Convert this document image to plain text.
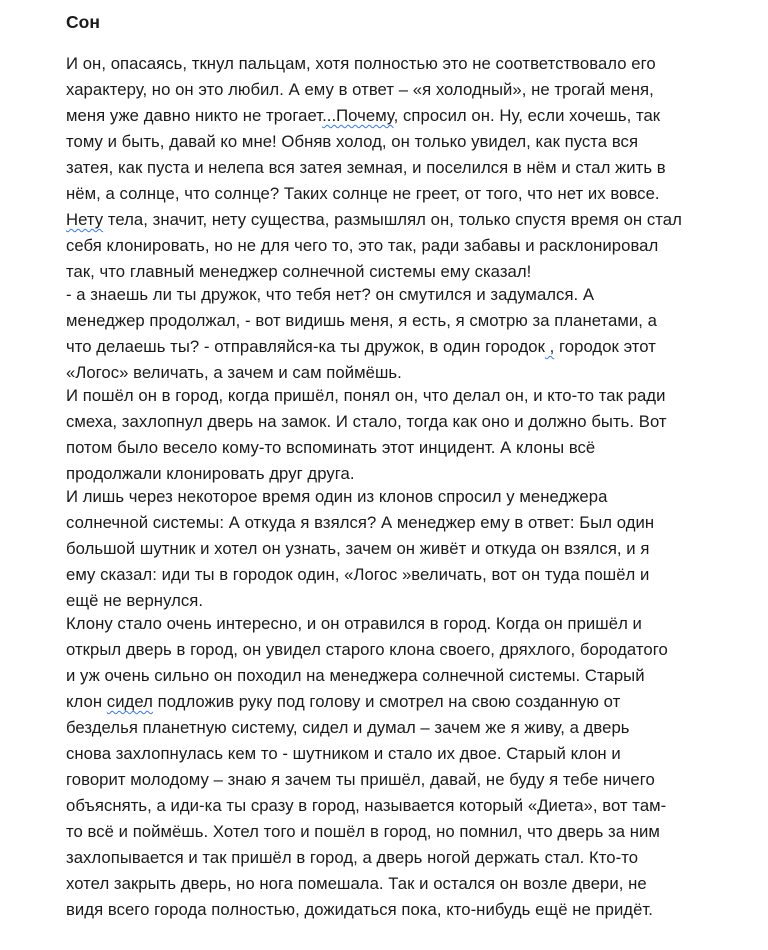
Сон
И он, опасаясь, ткнул пальцам, хотя полностью это не соответствовало его
характеру, но он это любил. А ему в ответ – «я холодный», не трогай меня,
меня уже давно никто не трогает...Почему, спросил он. Ну, если хочешь, так
тому и быть, давай ко мне! Обняв холод, он только увидел, как пуста вся
затея, как пуста и нелепа вся затея земная, и поселился в нём и стал жить в
нём, а солнце, что солнце? Таких солнце не греет, от того, что нет их вовсе.
Нету тела, значит, нету существа, размышлял он, только спустя время он стал
себя клонировать, но не для чего то, это так, ради забавы и расклонировал
так, что главный менеджер солнечной системы ему сказал!
- а знаешь ли ты дружок, что тебя нет? он смутился и задумался. А
менеджер продолжал, - вот видишь меня, я есть, я смотрю за планетами, а
что делаешь ты? - отправляйся-ка ты дружок, в один городок , городок этот
«Логос» величать, а зачем и сам поймёшь.
И пошёл он в город, когда пришёл, понял он, что делал он, и кто-то так ради
смеха, захлопнул дверь на замок. И стало, тогда как оно и должно быть. Вот
потом было весело кому-то вспоминать этот инцидент. А клоны всё
продолжали клонировать друг друга.
И лишь через некоторое время один из клонов спросил у менеджера
солнечной системы: А откуда я взялся? А менеджер ему в ответ: Был один
большой шутник и хотел он узнать, зачем он живёт и откуда он взялся, и я
ему сказал: иди ты в городок один, «Логос »величать, вот он туда пошёл и
ещё не вернулся.
Клону стало очень интересно, и он отравился в город. Когда он пришёл и
открыл дверь в город, он увидел старого клона своего, дряхлого, бородатого
и уж очень сильно он походил на менеджера солнечной системы. Старый
клон сидел подложив руку под голову и смотрел на свою созданную от
безделья планетную систему, сидел и думал – зачем же я живу, а дверь
снова захлопнулась кем то - шутником и стало их двое. Старый клон и
говорит молодому – знаю я зачем ты пришёл, давай, не буду я тебе ничего
объяснять, а иди-ка ты сразу в город, называется который «Диета», вот там-
то всё и поймёшь. Хотел того и пошёл в город, но помнил, что дверь за ним
захлопывается и так пришёл в город, а дверь ногой держать стал. Кто-то
хотел закрыть дверь, но нога помешала. Так и остался он возле двери, не
видя всего города полностью, дожидаться пока, кто-нибудь ещё не придёт.
